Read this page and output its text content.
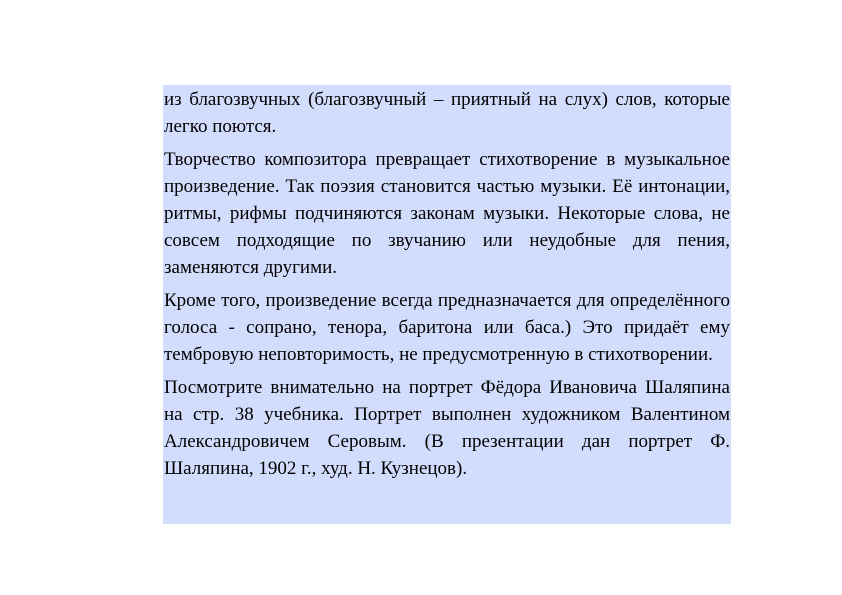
из благозвучных (благозвучный – приятный на слух) слов, которые легко поются.

Творчество композитора превращает стихотворение в музыкальное произведение. Так поэзия становится частью музыки. Её интонации, ритмы, рифмы подчиняются законам музыки. Некоторые слова, не совсем подходящие по звучанию или неудобные для пения, заменяются другими.

Кроме того, произведение всегда предназначается для определённого голоса - сопрано, тенора, баритона или баса.) Это придаёт ему тембровую неповторимость, не предусмотренную в стихотворении.

Посмотрите внимательно на портрет Фёдора Ивановича Шаляпина на стр. 38 учебника. Портрет выполнен художником Валентином Александровичем Серовым. (В презентации дан портрет Ф. Шаляпина, 1902 г., худ. Н. Кузнецов).
